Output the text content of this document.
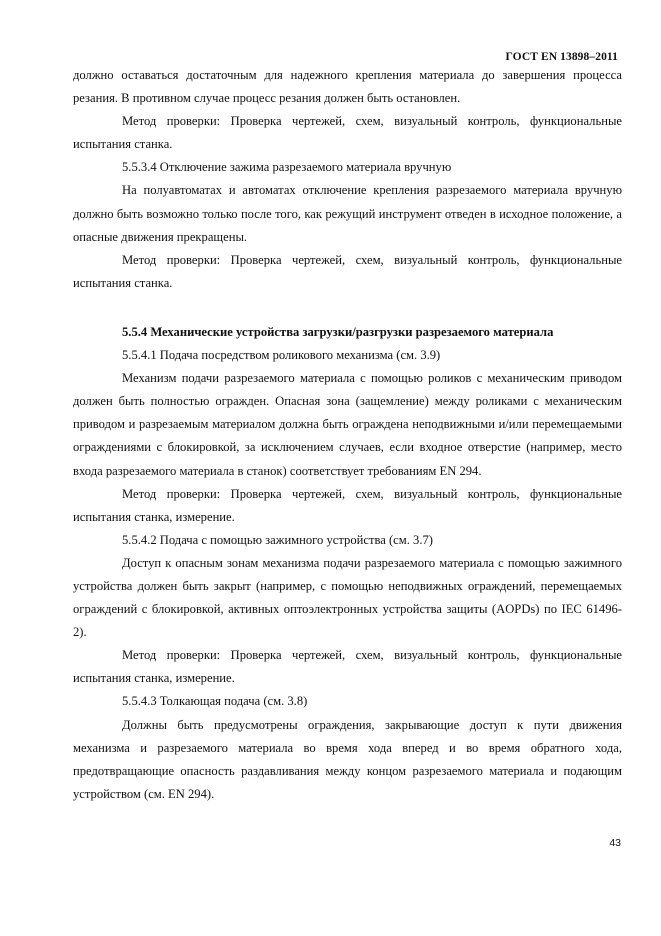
ГОСТ EN 13898–2011

должно оставаться достаточным для надежного крепления материала до завершения процесса резания. В противном случае процесс резания должен быть остановлен.

Метод проверки: Проверка чертежей, схем, визуальный контроль, функциональные испытания станка.

5.5.3.4 Отключение зажима разрезаемого материала вручную

На полуавтоматах и автоматах отключение крепления разрезаемого материала вручную должно быть возможно только после того, как режущий инструмент отведен в исходное положение, а опасные движения прекращены.

Метод проверки: Проверка чертежей, схем, визуальный контроль, функциональные испытания станка.

5.5.4 Механические устройства загрузки/разгрузки разрезаемого материала

5.5.4.1 Подача посредством роликового механизма (см. 3.9)

Механизм подачи разрезаемого материала с помощью роликов с механическим приводом должен быть полностью огражден. Опасная зона (защемление) между роликами с механическим приводом и разрезаемым материалом должна быть ограждена неподвижными и/или перемещаемыми ограждениями с блокировкой, за исключением случаев, если входное отверстие (например, место входа разрезаемого материала в станок) соответствует требованиям EN 294.

Метод проверки: Проверка чертежей, схем, визуальный контроль, функциональные испытания станка, измерение.

5.5.4.2 Подача с помощью зажимного устройства (см. 3.7)

Доступ к опасным зонам механизма подачи разрезаемого материала с помощью зажимного устройства должен быть закрыт (например, с помощью неподвижных ограждений, перемещаемых ограждений с блокировкой, активных оптоэлектронных устройства защиты (AOPDs) по IEC 61496-2).

Метод проверки: Проверка чертежей, схем, визуальный контроль, функциональные испытания станка, измерение.

5.5.4.3 Толкающая подача (см. 3.8)

Должны быть предусмотрены ограждения, закрывающие доступ к пути движения механизма и разрезаемого материала во время хода вперед и во время обратного хода, предотвращающие опасность раздавливания между концом разрезаемого материала и подающим устройством (см. EN 294).

43
